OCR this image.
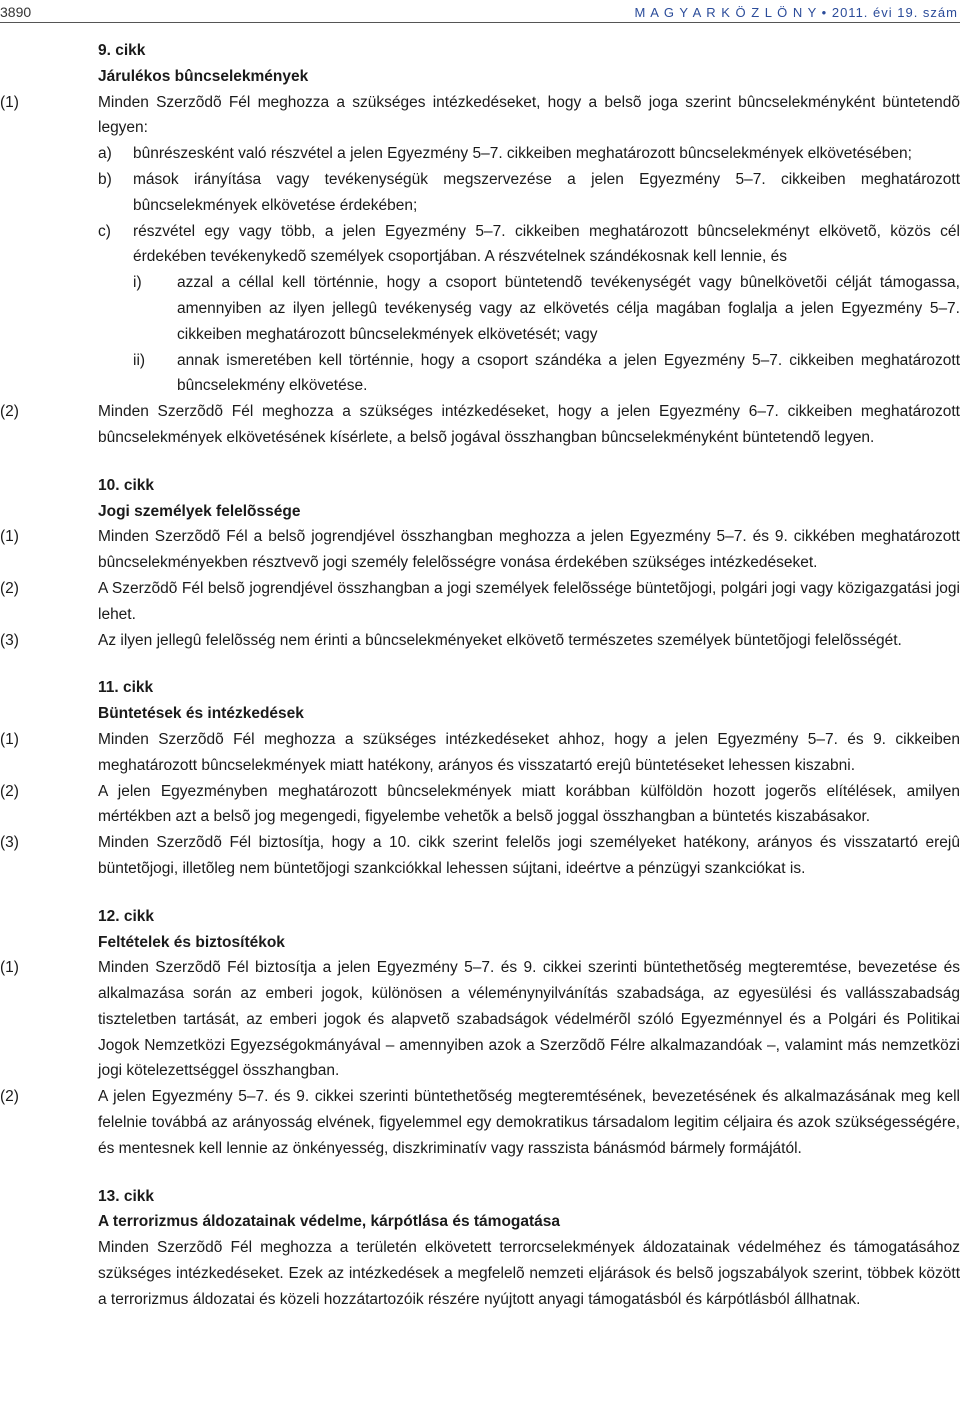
3890	M A G Y A R K Ö Z L Ö N Y • 2011. évi 19. szám
9. cikk
Járulékos bûncselekmények
(1)	Minden Szerzõdõ Fél meghozza a szükséges intézkedéseket, hogy a belsõ joga szerint bûncselekményként büntetendõ legyen:
a) bûnrészesként való részvétel a jelen Egyezmény 5–7. cikkeiben meghatározott bûncselekmények elkövetésében;
b) mások irányítása vagy tevékenységük megszervezése a jelen Egyezmény 5–7. cikkeiben meghatározott bûncselekmények elkövetése érdekében;
c) részvétel egy vagy több, a jelen Egyezmény 5–7. cikkeiben meghatározott bûncselekményt elkövetõ, közös cél érdekében tevékenykedõ személyek csoportjában. A részvételnek szándékosnak kell lennie, és
i) azzal a céllal kell történnie, hogy a csoport büntetendõ tevékenységét vagy bûnelkövetõi célját támogassa, amennyiben az ilyen jellegû tevékenység vagy az elkövetés célja magában foglalja a jelen Egyezmény 5–7. cikkeiben meghatározott bûncselekmények elkövetését; vagy
ii) annak ismeretében kell történnie, hogy a csoport szándéka a jelen Egyezmény 5–7. cikkeiben meghatározott bûncselekmény elkövetése.
(2)	Minden Szerzõdõ Fél meghozza a szükséges intézkedéseket, hogy a jelen Egyezmény 6–7. cikkeiben meghatározott bûncselekmények elkövetésének kísérlete, a belsõ jogával összhangban bûncselekményként büntetendõ legyen.
10. cikk
Jogi személyek felelõssége
(1)	Minden Szerzõdõ Fél a belsõ jogrendjével összhangban meghozza a jelen Egyezmény 5–7. és 9. cikkében meghatározott bûncselekményekben résztvevõ jogi személy felelõsségre vonása érdekében szükséges intézkedéseket.
(2)	A Szerzõdõ Fél belsõ jogrendjével összhangban a jogi személyek felelõssége büntetõjogi, polgári jogi vagy közigazgatási jogi lehet.
(3)	Az ilyen jellegû felelõsség nem érinti a bûncselekményeket elkövetõ természetes személyek büntetõjogi felelõsségét.
11. cikk
Büntetések és intézkedések
(1)	Minden Szerzõdõ Fél meghozza a szükséges intézkedéseket ahhoz, hogy a jelen Egyezmény 5–7. és 9. cikkeiben meghatározott bûncselekmények miatt hatékony, arányos és visszatartó erejû büntetéseket lehessen kiszabni.
(2)	A jelen Egyezményben meghatározott bûncselekmények miatt korábban külföldön hozott jogerõs elítélések, amilyen mértékben azt a belsõ jog megengedi, figyelembe vehetõk a belsõ joggal összhangban a büntetés kiszabásakor.
(3)	Minden Szerzõdõ Fél biztosítja, hogy a 10. cikk szerint felelõs jogi személyeket hatékony, arányos és visszatartó erejû büntetõjogi, illetõleg nem büntetõjogi szankciókkal lehessen sújtani, ideértve a pénzügyi szankciókat is.
12. cikk
Feltételek és biztosítékok
(1)	Minden Szerzõdõ Fél biztosítja a jelen Egyezmény 5–7. és 9. cikkei szerinti büntethetõség megteremtése, bevezetése és alkalmazása során az emberi jogok, különösen a véleménynyilvánítás szabadsága, az egyesülési és vallásszabadság tiszteletben tartását, az emberi jogok és alapvetõ szabadságok védelmérõl szóló Egyezménnyel és a Polgári és Politikai Jogok Nemzetközi Egyezségokmányával – amennyiben azok a Szerzõdõ Félre alkalmazandóak –, valamint más nemzetközi jogi kötelezettséggel összhangban.
(2)	A jelen Egyezmény 5–7. és 9. cikkei szerinti büntethetõség megteremtésének, bevezetésének és alkalmazásának meg kell felelnie továbbá az arányosság elvének, figyelemmel egy demokratikus társadalom legitim céljaira és azok szükségességére, és mentesnek kell lennie az önkényesség, diszkriminatív vagy rasszista bánásmód bármely formájától.
13. cikk
A terrorizmus áldozatainak védelme, kárpótlása és támogatása
Minden Szerzõdõ Fél meghozza a területén elkövetett terrorcselekmények áldozatainak védelméhez és támogatásához szükséges intézkedéseket. Ezek az intézkedések a megfelelõ nemzeti eljárások és belsõ jogszabályok szerint, többek között a terrorizmus áldozatai és közeli hozzátartozóik részére nyújtott anyagi támogatásból és kárpótlásból állhatnak.
